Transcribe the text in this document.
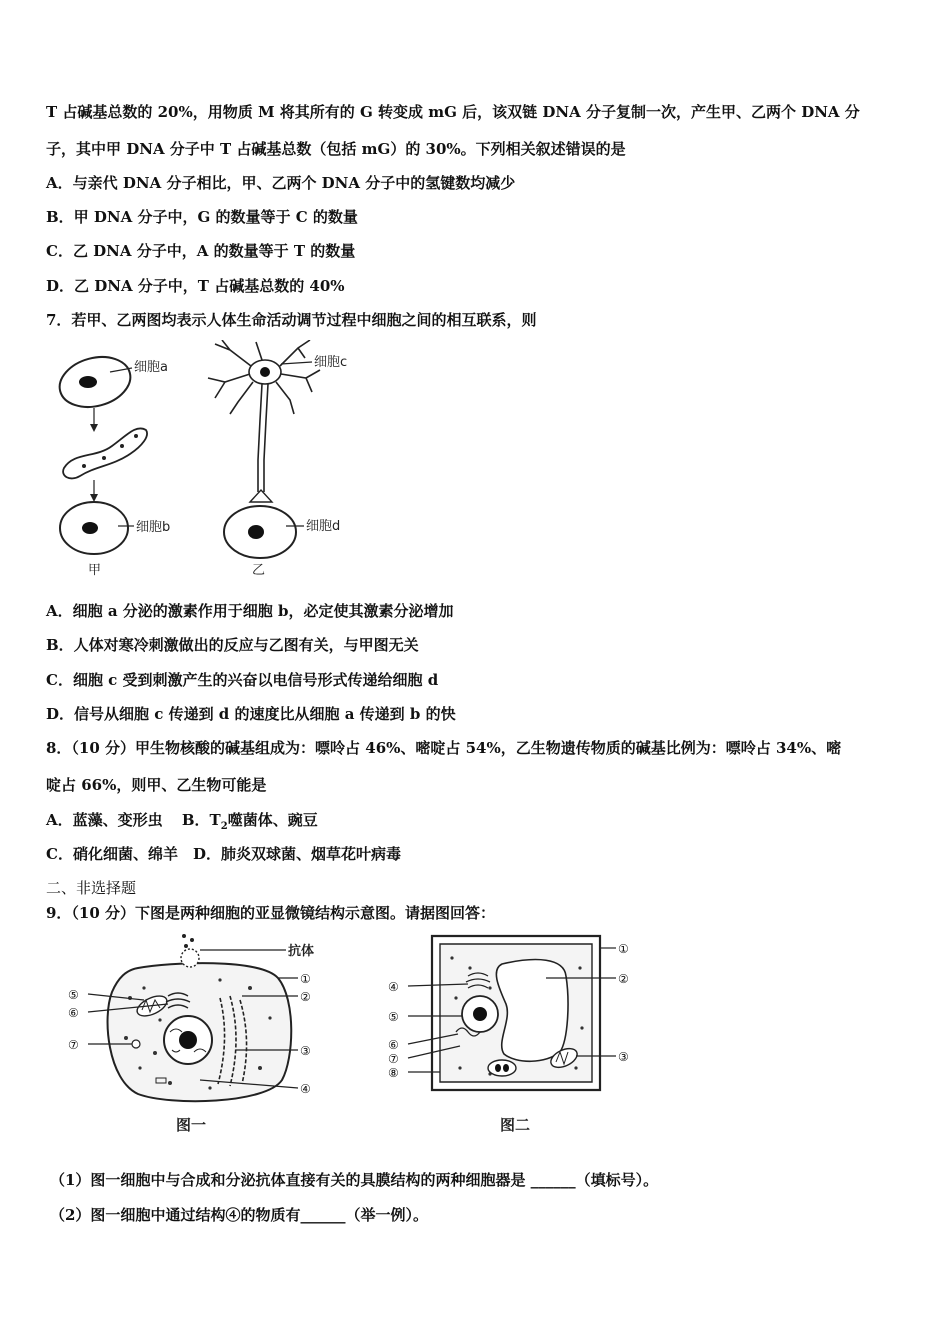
T 占碱基总数的 20%，用物质 M 将其所有的 G 转变成 mG 后，该双链 DNA 分子复制一次，产生甲、乙两个 DNA 分
子，其中甲 DNA 分子中 T 占碱基总数（包括 mG）的 30%。下列相关叙述错误的是
A．与亲代 DNA 分子相比，甲、乙两个 DNA 分子中的氢键数均减少
B．甲 DNA 分子中，G 的数量等于 C 的数量
C．乙 DNA 分子中，A 的数量等于 T 的数量
D．乙 DNA 分子中，T 占碱基总数的 40%
7．若甲、乙两图均表示人体生命活动调节过程中细胞之间的相互联系，则
细胞a
细胞b
甲
细胞c
细胞d
乙
A．细胞 a 分泌的激素作用于细胞 b，必定使其激素分泌增加
B．人体对寒冷刺激做出的反应与乙图有关，与甲图无关
C．细胞 c 受到刺激产生的兴奋以电信号形式传递给细胞 d
D．信号从细胞 c 传递到 d 的速度比从细胞 a 传递到 b 的快
8．（10 分）甲生物核酸的碱基组成为：嘌呤占 46%、嘧啶占 54%，乙生物遗传物质的碱基比例为：嘌呤占 34%、嘧
啶占 66%，则甲、乙生物可能是
A．蓝藻、变形虫 B．$T_2$噬菌体、豌豆
C．硝化细菌、绵羊　D．肺炎双球菌、烟草花叶病毒
二、非选择题
9．（10 分）下图是两种细胞的亚显微镜结构示意图。请据图回答：
抗体
①
②
③
④
⑤
⑥
⑦
图一
①
②
③
④
⑤
⑥
⑦
⑧
图二
（1）图一细胞中与合成和分泌抗体直接有关的具膜结构的两种细胞器是 ______（填标号）。
（2）图一细胞中通过结构④的物质有______（举一例）。
